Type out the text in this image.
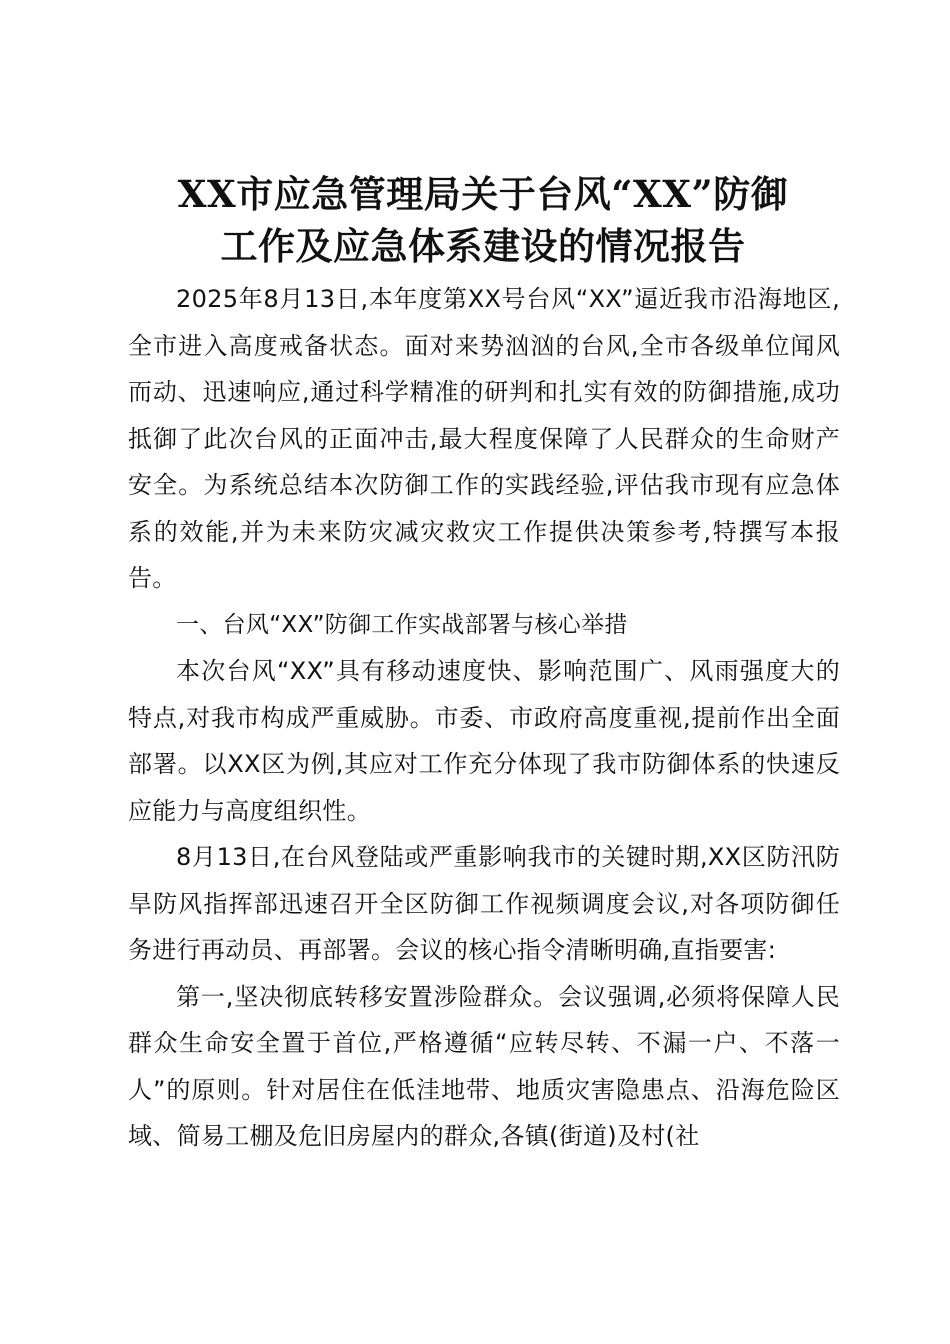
XX市应急管理局关于台风“XX”防御
工作及应急体系建设的情况报告

2025年8月13日,本年度第XX号台风“XX”逼近我市沿海地区,全市进入高度戒备状态。面对来势汹汹的台风,全市各级单位闻风而动、迅速响应,通过科学精准的研判和扎实有效的防御措施,成功抵御了此次台风的正面冲击,最大程度保障了人民群众的生命财产安全。为系统总结本次防御工作的实践经验,评估我市现有应急体系的效能,并为未来防灾减灾救灾工作提供决策参考,特撰写本报告。

一、台风“XX”防御工作实战部署与核心举措

本次台风“XX”具有移动速度快、影响范围广、风雨强度大的特点,对我市构成严重威胁。市委、市政府高度重视,提前作出全面部署。以XX区为例,其应对工作充分体现了我市防御体系的快速反应能力与高度组织性。

8月13日,在台风登陆或严重影响我市的关键时期,XX区防汛防旱防风指挥部迅速召开全区防御工作视频调度会议,对各项防御任务进行再动员、再部署。会议的核心指令清晰明确,直指要害:

第一,坚决彻底转移安置涉险群众。会议强调,必须将保障人民群众生命安全置于首位,严格遵循“应转尽转、不漏一户、不落一人”的原则。针对居住在低洼地带、地质灾害隐患点、沿海危险区域、简易工棚及危旧房屋内的群众,各镇(街道)及村(社
